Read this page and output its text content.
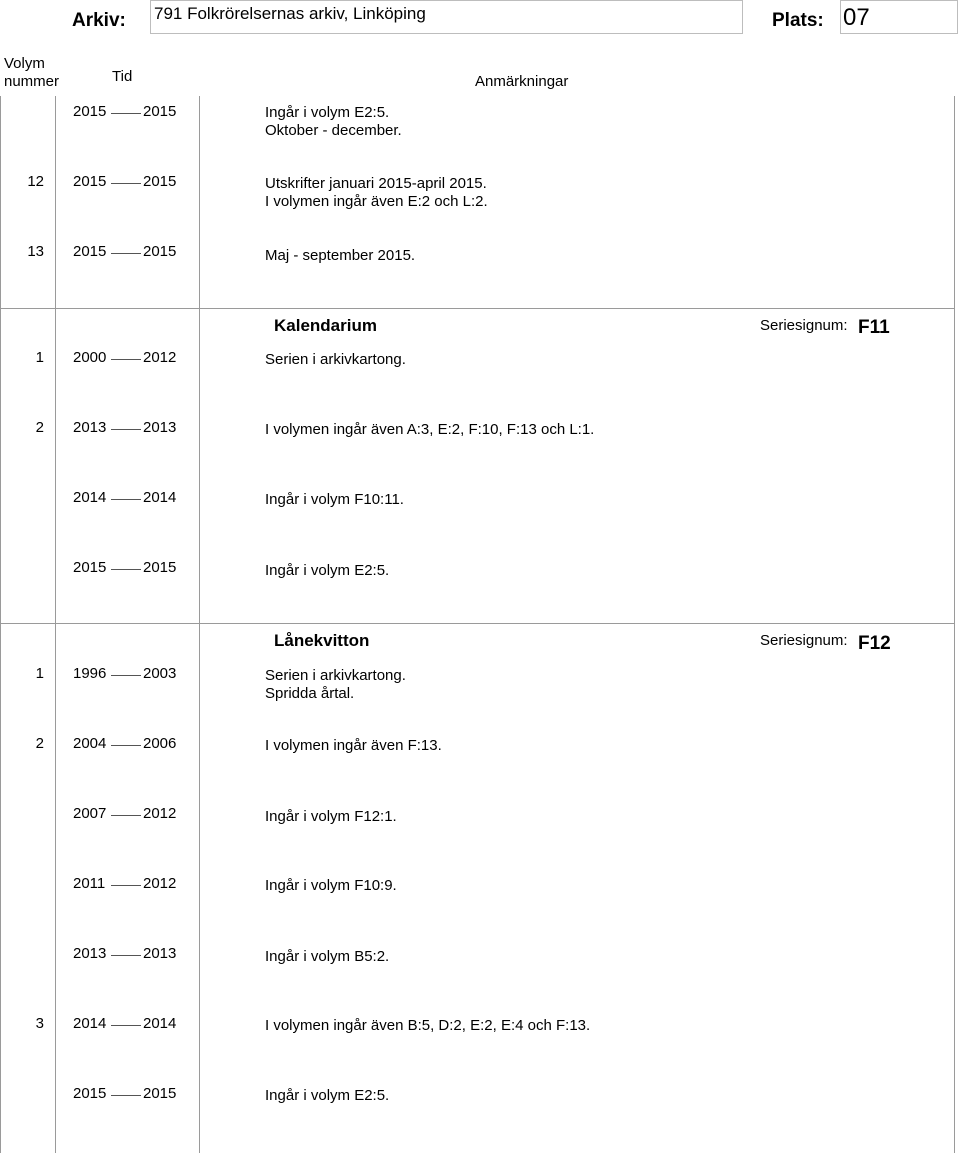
Arkiv: 791 Folkrörelsernas arkiv, Linköping	Plats: 07
Volym
nummer	Tid	Anmärkningar
2015 2015	Ingår i volym E2:5.
Oktober - december.
12 2015 2015	Utskrifter januari 2015-april 2015.
I volymen ingår även E:2 och L:2.
13 2015 2015	Maj - september 2015.
Kalendarium	Seriesignum: F11
1 2000 2012	Serien i arkivkartong.
2 2013 2013	I volymen ingår även A:3, E:2, F:10, F:13 och L:1.
2014 2014	Ingår i volym F10:11.
2015 2015	Ingår i volym E2:5.
Lånekvitton	Seriesignum: F12
1 1996 2003	Serien i arkivkartong.
Spridda årtal.
2 2004 2006	I volymen ingår även F:13.
2007 2012	Ingår i volym F12:1.
2011	2012	Ingår i volym F10:9.
2013 2013	Ingår i volym B5:2.
3 2014 2014	I volymen ingår även B:5, D:2, E:2, E:4 och F:13.
2015 2015	Ingår i volym E2:5.
